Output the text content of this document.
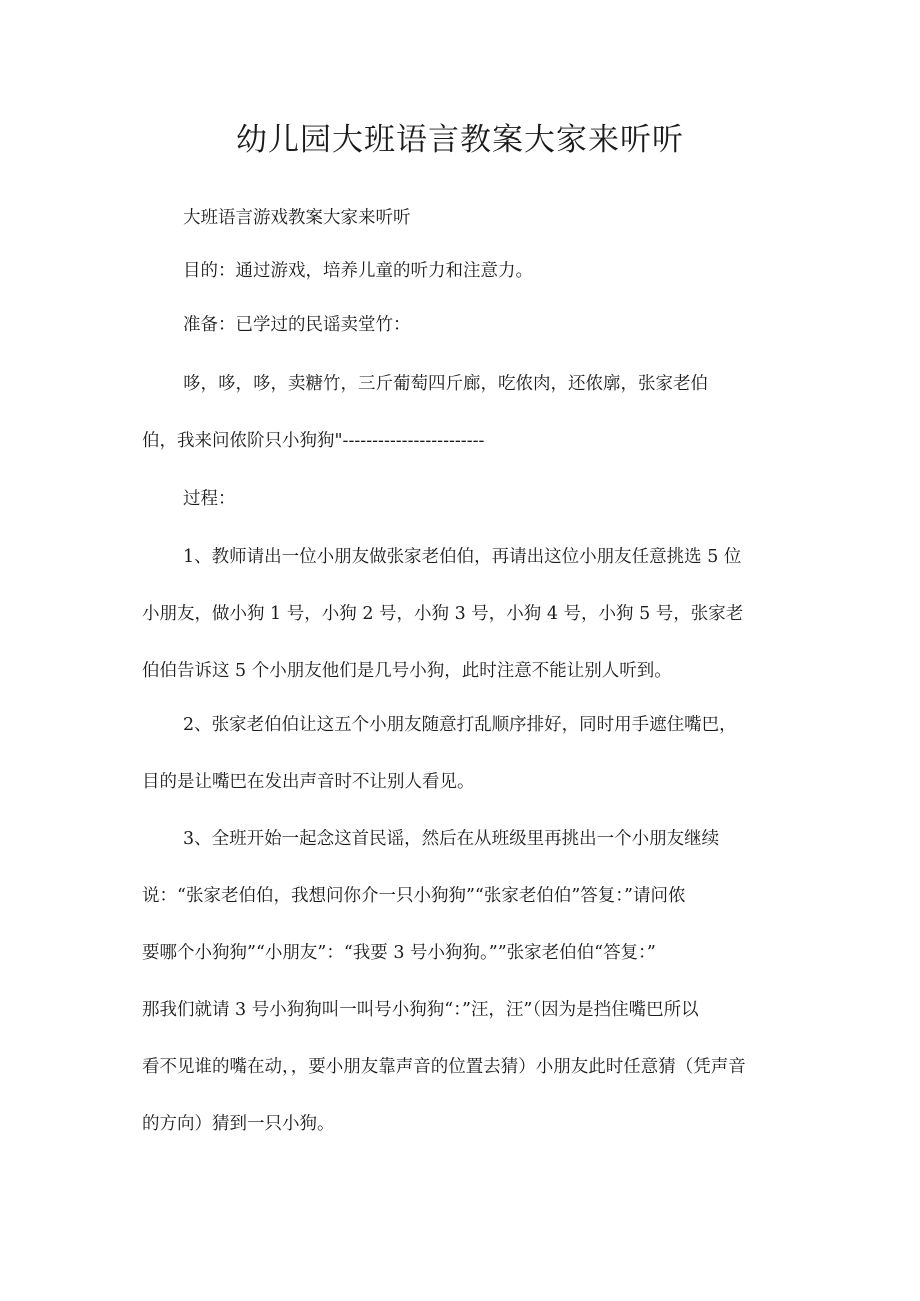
幼儿园大班语言教案大家来听听

大班语言游戏教案大家来听听

目的：通过游戏，培养儿童的听力和注意力。

准备：已学过的民谣卖堂竹：

哆，哆，哆，卖糖竹，三斤葡萄四斤廊，吃侬肉，还侬廓，张家老伯
伯，我来问侬阶只小狗狗"------------------------

过程：

1、教师请出一位小朋友做张家老伯伯，再请出这位小朋友任意挑选 5 位
小朋友，做小狗 1 号，小狗 2 号，小狗 3 号，小狗 4 号，小狗 5 号，张家老
伯伯告诉这 5 个小朋友他们是几号小狗，此时注意不能让别人听到。

2、张家老伯伯让这五个小朋友随意打乱顺序排好，同时用手遮住嘴巴，
目的是让嘴巴在发出声音时不让别人看见。

3、全班开始一起念这首民谣，然后在从班级里再挑出一个小朋友继续
说：“张家老伯伯，我想问你介一只小狗狗”“张家老伯伯”答复：”请问侬
要哪个小狗狗”“小朋友”：“我要 3 号小狗狗。””张家老伯伯“答复：”
那我们就请 3 号小狗狗叫一叫号小狗狗“：”汪，汪”（因为是挡住嘴巴所以
看不见谁的嘴在动，，要小朋友靠声音的位置去猜）小朋友此时任意猜（凭声音
的方向）猜到一只小狗。
